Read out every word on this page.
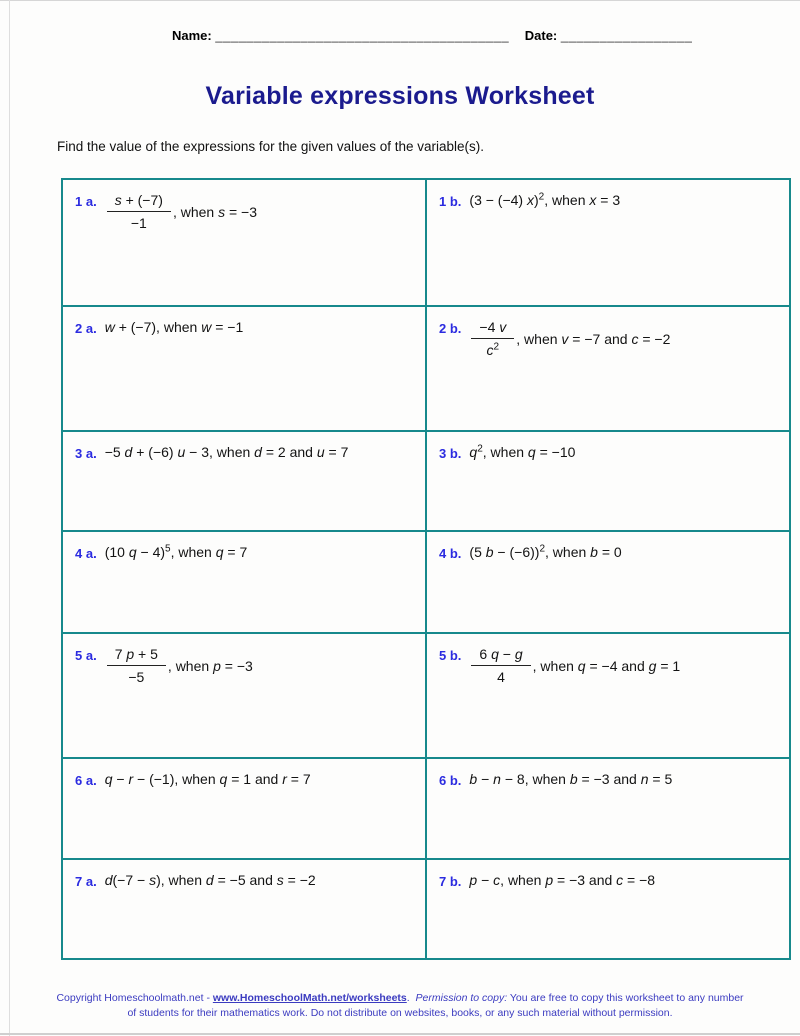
Name: ______________________________________ Date: _________________
Variable expressions Worksheet
Find the value of the expressions for the given values of the variable(s).
1 a. $\frac{s + (-7)}{-1}$ , when s = −3	1 b. (3 − (−4) x)$^2$, when x = 3

2 a. w + (−7), when w = −1	2 b. $\frac{-4 v}{c^2}$ , when v = −7 and c = −2

3 a. −5 d + (−6) u − 3, when d = 2 and u = 7	3 b. $q^2$, when q = −10

4 a. (10 q − 4)$^5$, when q = 7	4 b. (5 b − (−6))$^2$, when b = 0

5 a. $\frac{7 p + 5}{-5}$ , when p = −3	5 b. $\frac{6 q - g}{4}$ , when q = −4 and g = 1

6 a. q − r − (−1), when q = 1 and r = 7	6 b. b − n − 8, when b = −3 and n = 5

7 a. d(−7 − s), when d = −5 and s = −2	7 b. p − c, when p = −3 and c = −8
Copyright Homeschoolmath.net - www.HomeschoolMath.net/worksheets.  Permission to copy: You are free to copy this worksheet to any number of students for their mathematics work. Do not distribute on websites, books, or any such material without permission.
